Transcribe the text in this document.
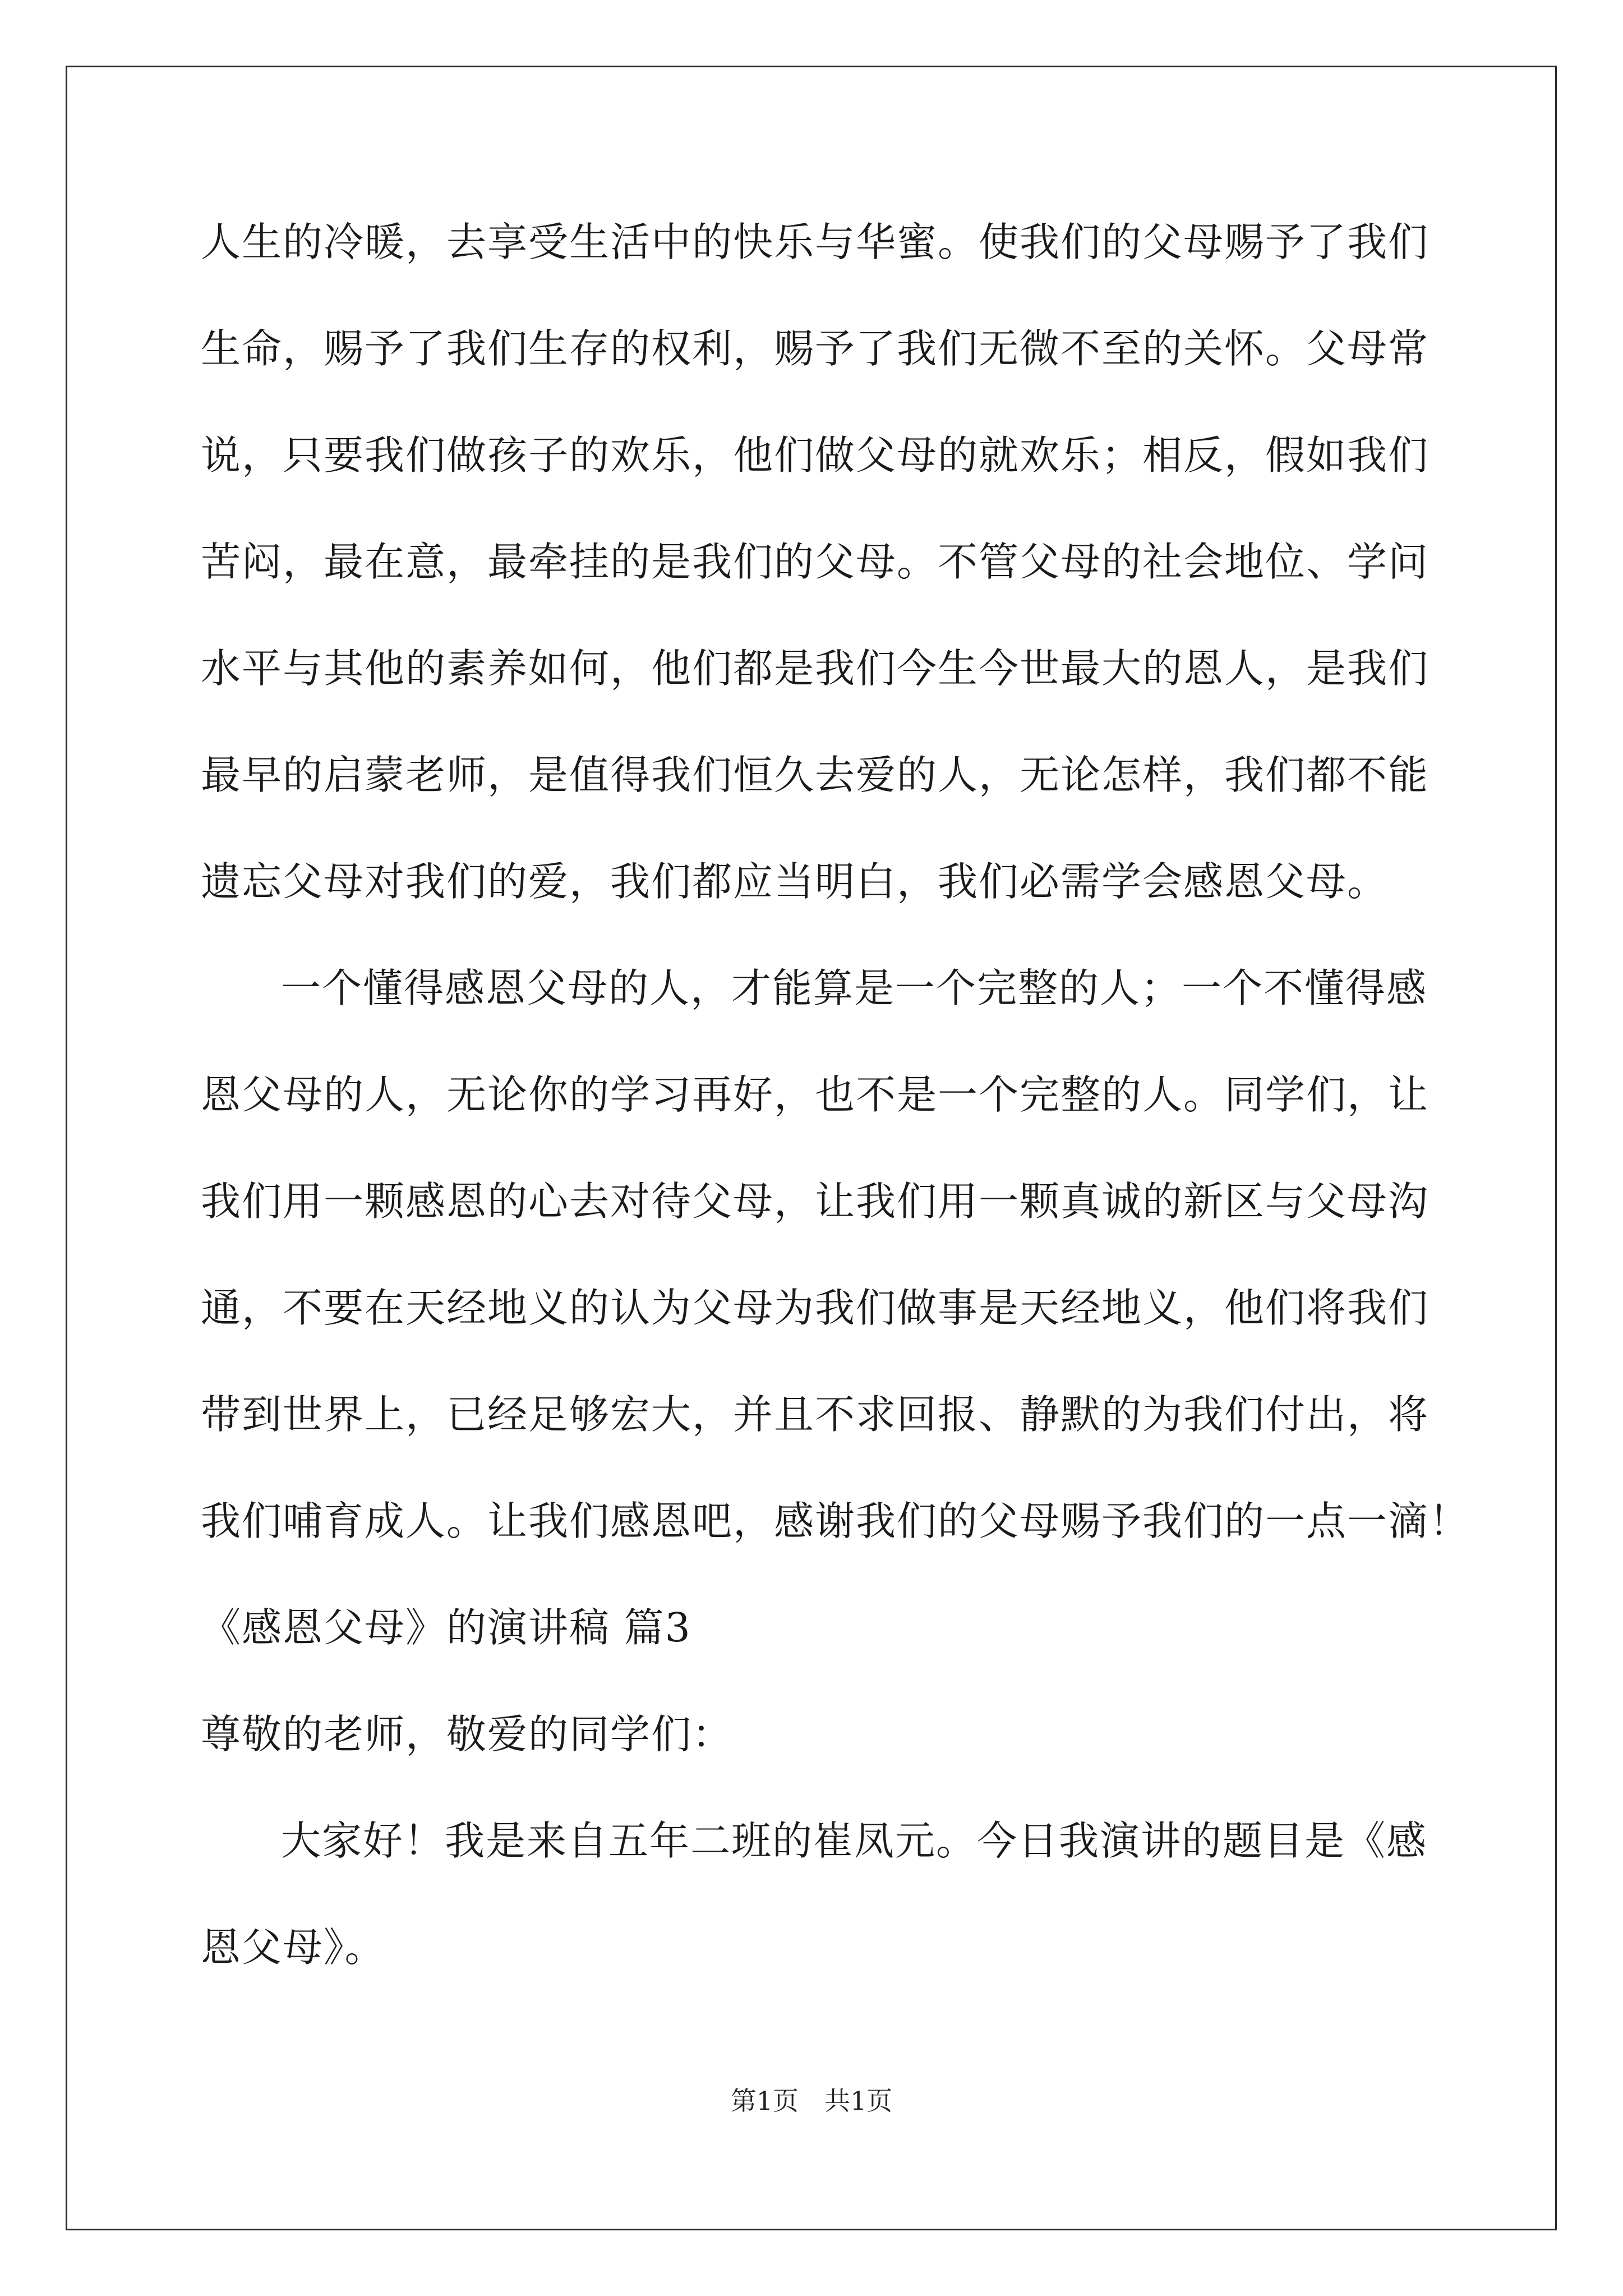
人生的冷暖，去享受生活中的快乐与华蜜。使我们的父母赐予了我们
生命，赐予了我们生存的权利，赐予了我们无微不至的关怀。父母常
说，只要我们做孩子的欢乐，他们做父母的就欢乐；相反，假如我们
苦闷，最在意，最牵挂的是我们的父母。不管父母的社会地位、学问
水平与其他的素养如何，他们都是我们今生今世最大的恩人，是我们
最早的启蒙老师，是值得我们恒久去爱的人，无论怎样，我们都不能
遗忘父母对我们的爱，我们都应当明白，我们必需学会感恩父母。
一个懂得感恩父母的人，才能算是一个完整的人；一个不懂得感
恩父母的人，无论你的学习再好，也不是一个完整的人。同学们，让
我们用一颗感恩的心去对待父母，让我们用一颗真诚的新区与父母沟
通，不要在天经地义的认为父母为我们做事是天经地义，他们将我们
带到世界上，已经足够宏大，并且不求回报、静默的为我们付出，将
我们哺育成人。让我们感恩吧，感谢我们的父母赐予我们的一点一滴！
《感恩父母》的演讲稿 篇3
尊敬的老师，敬爱的同学们：
大家好！我是来自五年二班的崔凤元。今日我演讲的题目是《感
恩父母》。
第1页　共1页
